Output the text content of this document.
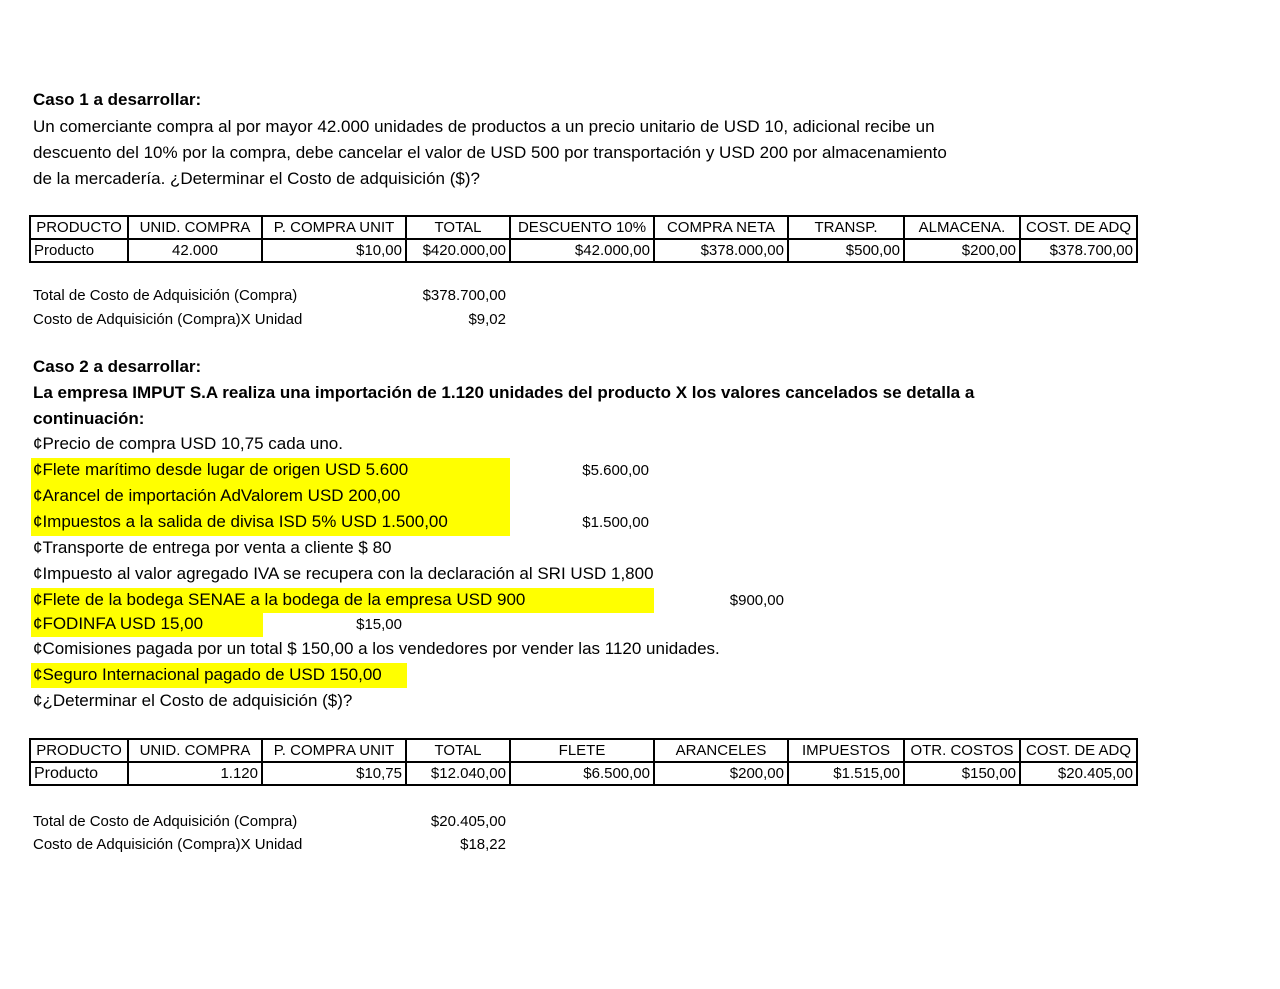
Caso 1 a desarrollar:
Un comerciante compra al por mayor 42.000 unidades de productos a un precio unitario de USD 10, adicional recibe un
descuento del 10% por la compra, debe cancelar el valor de USD 500 por transportación y USD 200 por almacenamiento
de la mercadería. ¿Determinar el Costo de adquisición ($)?
PRODUCTO	UNID. COMPRA	P. COMPRA UNIT	TOTAL	DESCUENTO 10%	COMPRA NETA	TRANSP.	ALMACENA.	COST. DE ADQ
Producto	42.000	$10,00	$420.000,00	$42.000,00	$378.000,00	$500,00	$200,00	$378.700,00
Total de Costo de Adquisición (Compra)	$378.700,00
Costo de Adquisición (Compra)X Unidad	$9,02
Caso 2 a desarrollar:
La empresa IMPUT S.A realiza una importación de 1.120 unidades del producto X los valores cancelados se detalla a
continuación:
¢Precio de compra USD 10,75 cada uno.
¢Flete marítimo desde lugar de origen USD 5.600	$5.600,00
¢Arancel de importación AdValorem USD 200,00
¢Impuestos a la salida de divisa ISD 5% USD 1.500,00	$1.500,00
¢Transporte de entrega por venta a cliente $ 80
¢Impuesto al valor agregado IVA se recupera con la declaración al SRI USD 1,800
¢Flete de la bodega SENAE a la bodega de la empresa USD 900	$900,00
¢FODINFA USD 15,00	$15,00
¢Comisiones pagada por un total $ 150,00 a los vendedores por vender las 1120 unidades.
¢Seguro Internacional pagado de USD 150,00
¢¿Determinar el Costo de adquisición ($)?
PRODUCTO	UNID. COMPRA	P. COMPRA UNIT	TOTAL	FLETE	ARANCELES	IMPUESTOS	OTR. COSTOS	COST. DE ADQ
Producto	1.120	$10,75	$12.040,00	$6.500,00	$200,00	$1.515,00	$150,00	$20.405,00
Total de Costo de Adquisición (Compra)	$20.405,00
Costo de Adquisición (Compra)X Unidad	$18,22
